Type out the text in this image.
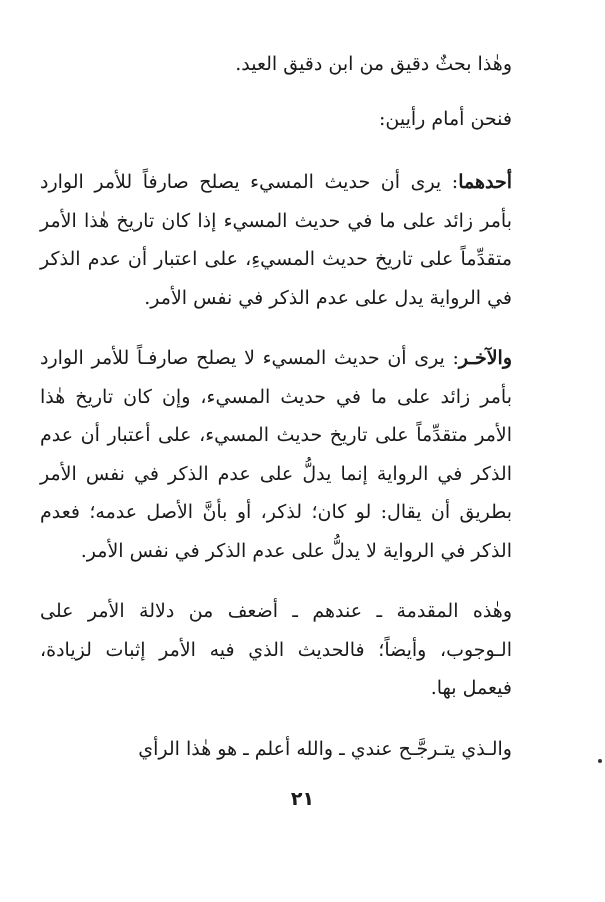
وهٰذا بحثٌ دقيق من ابن دقيق العيد.

فنحن أمام رأيين:

أحدهما: يرى أن حديث المسيء يصلح صارفاً للأمر الوارد بأمر زائد على ما في حديث المسيء إذا كان تاريخ هٰذا الأمر متقدِّماً على تاريخ حديث المسيءِ، على اعتبار أن عدم الذكر في الرواية يدل على عدم الذكر في نفس الأمر.

والآخـر: يرى أن حديث المسيء لا يصلح صارفـاً للأمر الوارد بأمر زائد على ما في حديث المسيء، وإن كان تاريخ هٰذا الأمر متقدِّماً على تاريخ حديث المسيء، على أعتبار أن عدم الذكر في الرواية إنما يدلُّ على عدم الذكر في نفس الأمر بطريق أن يقال: لو كان؛ لذكر، أو بأنَّ الأصل عدمه؛ فعدم الذكر في الرواية لا يدلُّ على عدم الذكر في نفس الأمر.

وهٰذه المقدمة ـ عندهم ـ أضعف من دلالة الأمر على الـوجوب، وأيضاً؛ فالحديث الذي فيه الأمر إثبات لزيادة، فيعمل بها.

والـذي يتـرجَّـح عندي ـ والله أعلم ـ هو هٰذا الرأي

٢١
